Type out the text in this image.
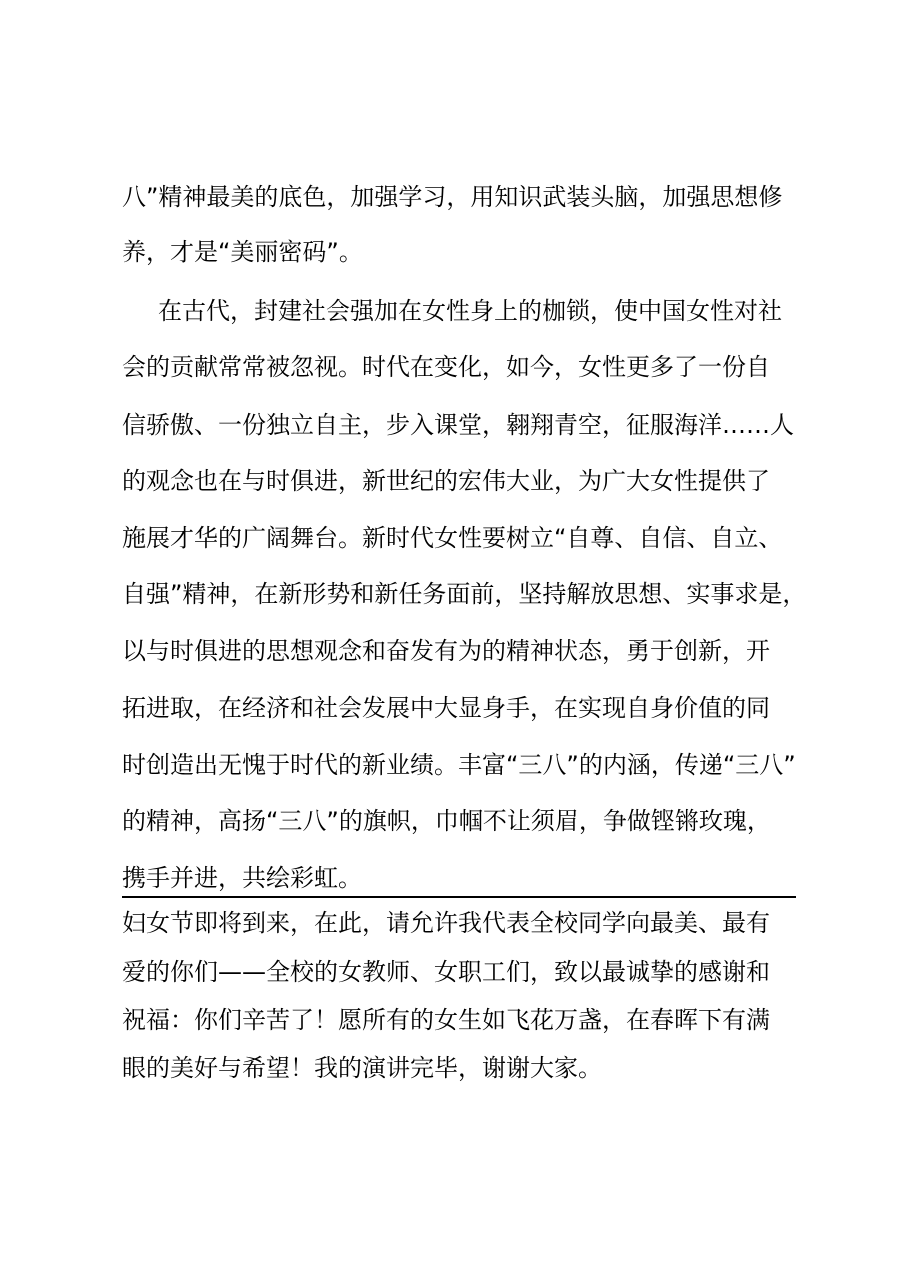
八”精神最美的底色，加强学习，用知识武装头脑，加强思想修

养，才是“美丽密码”。

在古代，封建社会强加在女性身上的枷锁，使中国女性对社

会的贡献常常被忽视。时代在变化，如今，女性更多了一份自

信骄傲、一份独立自主，步入课堂，翱翔青空，征服海洋……人

的观念也在与时俱进，新世纪的宏伟大业，为广大女性提供了

施展才华的广阔舞台。新时代女性要树立“自尊、自信、自立、

自强”精神，在新形势和新任务面前，坚持解放思想、实事求是，

以与时俱进的思想观念和奋发有为的精神状态，勇于创新，开

拓进取，在经济和社会发展中大显身手，在实现自身价值的同

时创造出无愧于时代的新业绩。丰富“三八”的内涵，传递“三八”

的精神，高扬“三八”的旗帜，巾帼不让须眉，争做铿锵玫瑰，

携手并进，共绘彩虹。

妇女节即将到来，在此，请允许我代表全校同学向最美、最有

爱的你们——全校的女教师、女职工们，致以最诚挚的感谢和

祝福：你们辛苦了！愿所有的女生如飞花万盏，在春晖下有满

眼的美好与希望！我的演讲完毕，谢谢大家。
